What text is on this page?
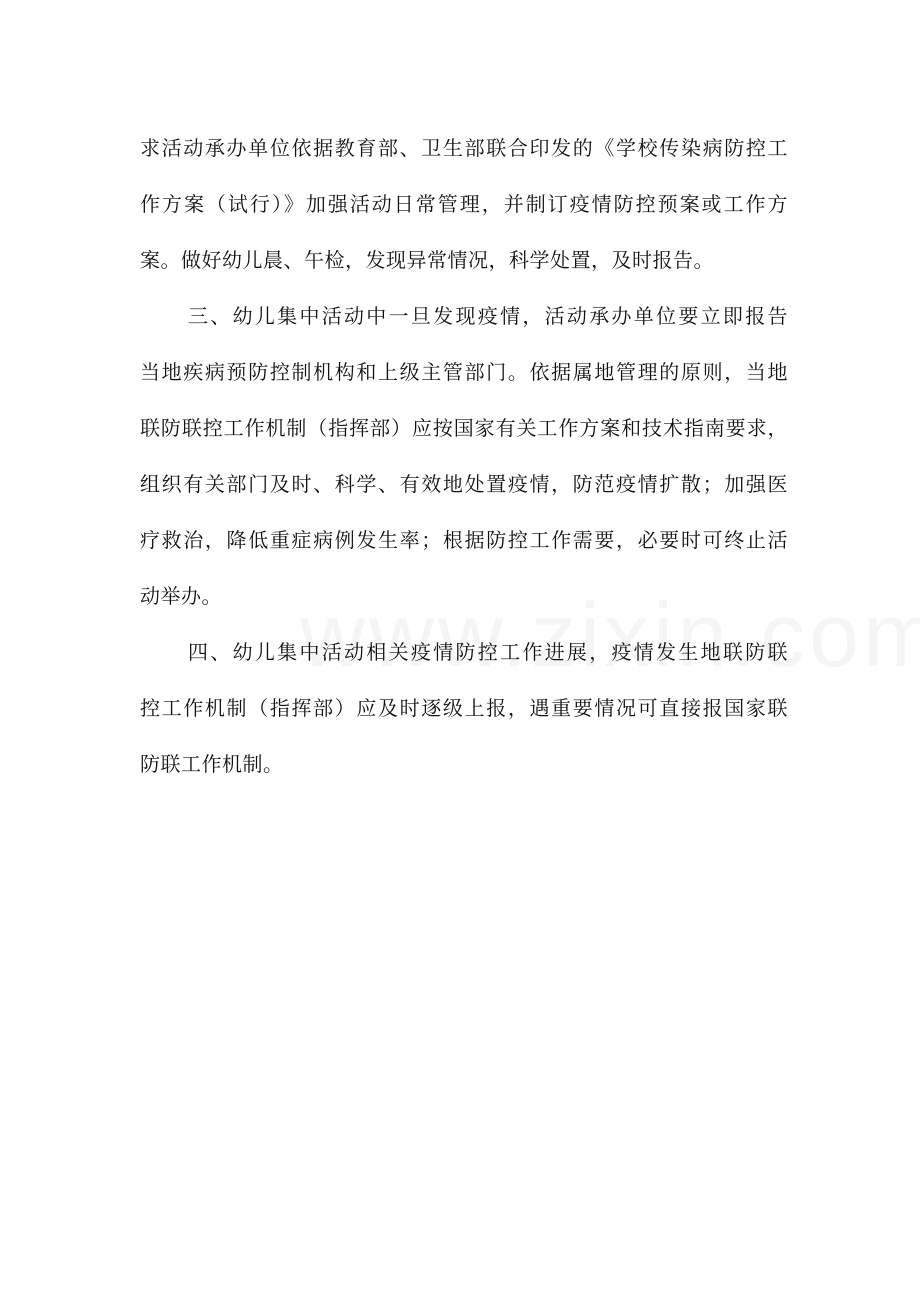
求活动承办单位依据教育部、卫生部联合印发的《学校传染病防控工
作方案（试行）》加强活动日常管理，并制订疫情防控预案或工作方
案。做好幼儿晨、午检，发现异常情况，科学处置，及时报告。
三、幼儿集中活动中一旦发现疫情，活动承办单位要立即报告
当地疾病预防控制机构和上级主管部门。依据属地管理的原则，当地
联防联控工作机制（指挥部）应按国家有关工作方案和技术指南要求，
组织有关部门及时、科学、有效地处置疫情，防范疫情扩散；加强医
疗救治，降低重症病例发生率；根据防控工作需要，必要时可终止活
动举办。
四、幼儿集中活动相关疫情防控工作进展，疫情发生地联防联
控工作机制（指挥部）应及时逐级上报，遇重要情况可直接报国家联
防联工作机制。
